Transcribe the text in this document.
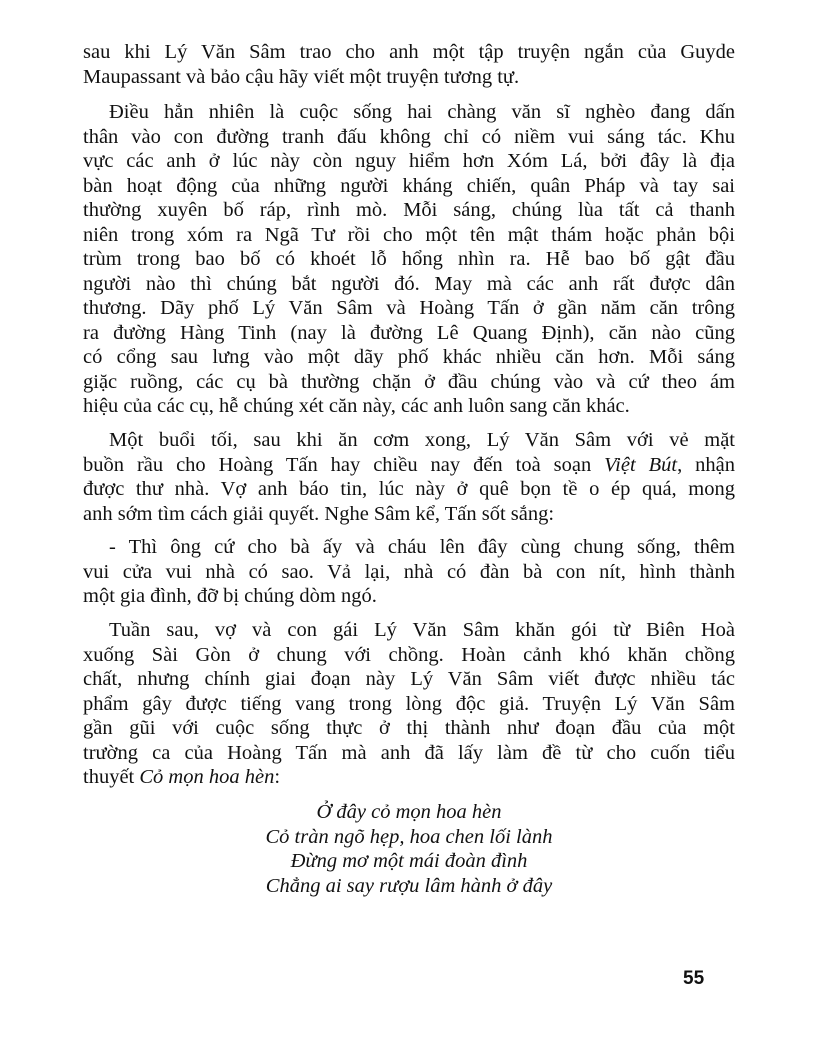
sau khi Lý Văn Sâm trao cho anh một tập truyện ngắn của Guyde
Maupassant và bảo cậu hãy viết một truyện tương tự.
Điều hẳn nhiên là cuộc sống hai chàng văn sĩ nghèo đang dấn
thân vào con đường tranh đấu không chỉ có niềm vui sáng tác. Khu
vực các anh ở lúc này còn nguy hiểm hơn Xóm Lá, bởi đây là địa
bàn hoạt động của những người kháng chiến, quân Pháp và tay sai
thường xuyên bố ráp, rình mò. Mỗi sáng, chúng lùa tất cả thanh
niên trong xóm ra Ngã Tư rồi cho một tên mật thám hoặc phản bội
trùm trong bao bố có khoét lỗ hổng nhìn ra. Hễ bao bố gật đầu
người nào thì chúng bắt người đó. May mà các anh rất được dân
thương. Dãy phố Lý Văn Sâm và Hoàng Tấn ở gần năm căn trông
ra đường Hàng Tinh (nay là đường Lê Quang Định), căn nào cũng
có cổng sau lưng vào một dãy phố khác nhiều căn hơn. Mỗi sáng
giặc ruồng, các cụ bà thường chặn ở đầu chúng vào và cứ theo ám
hiệu của các cụ, hễ chúng xét căn này, các anh luôn sang căn khác.
Một buổi tối, sau khi ăn cơm xong, Lý Văn Sâm với vẻ mặt
buồn rầu cho Hoàng Tấn hay chiều nay đến toà soạn Việt Bút, nhận
được thư nhà. Vợ anh báo tin, lúc này ở quê bọn tề o ép quá, mong
anh sớm tìm cách giải quyết. Nghe Sâm kể, Tấn sốt sắng:
- Thì ông cứ cho bà ấy và cháu lên đây cùng chung sống, thêm
vui cửa vui nhà có sao. Vả lại, nhà có đàn bà con nít, hình thành
một gia đình, đỡ bị chúng dòm ngó.
Tuần sau, vợ và con gái Lý Văn Sâm khăn gói từ Biên Hoà
xuống Sài Gòn ở chung với chồng. Hoàn cảnh khó khăn chồng
chất, nhưng chính giai đoạn này Lý Văn Sâm viết được nhiều tác
phẩm gây được tiếng vang trong lòng độc giả. Truyện Lý Văn Sâm
gần gũi với cuộc sống thực ở thị thành như đoạn đầu của một
trường ca của Hoàng Tấn mà anh đã lấy làm đề từ cho cuốn tiểu
thuyết Cỏ mọn hoa hèn:
Ở đây cỏ mọn hoa hèn
Cỏ tràn ngõ hẹp, hoa chen lối lành
Đừng mơ một mái đoàn đình
Chẳng ai say rượu lâm hành ở đây
55
